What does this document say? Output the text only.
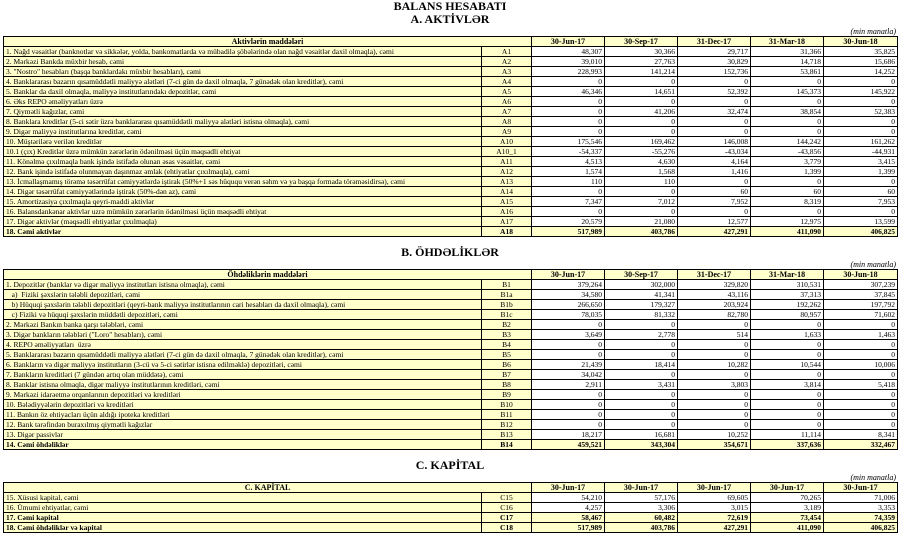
BALANS HESABATI
A. AKTİVLƏR
(min manatla)
Aktivlərin maddələri		30-Jun-17	30-Sep-17	31-Dec-17	31-Mar-18	30-Jun-18
1. Nağd vəsaitlər (banknotlar və sikkələr, yolda, bankomatlarda və mübadilə şöbələrində olan nağd vəsaitlər daxil olmaqla), cəmi	A1	48,307	30,366	29,717	31,366	35,825
2. Mərkəzi Bankda müxbir hesab, cəmi	A2	39,010	27,763	30,829	14,718	15,686
3. "Nostro" hesabları (başqa banklardakı müxbir hesabları), cəmi	A3	228,993	141,214	152,736	53,861	14,252
4. Banklararası bazarın qısamüddətli maliyyə alətləri (7-ci gün də daxil olmaqla, 7 günədək olan kreditlər), cəmi	A4	0	0	0	0	0
5. Banklar da daxil olmaqla, maliyyə institutlarındakı depozitlər, cəmi	A5	46,346	14,651	52,392	145,373	145,922
6. Əks REPO əməliyyatları üzrə	A6	0	0	0	0	0
7. Qiymətli kağızlar, cəmi	A7	0	41,206	32,474	38,854	52,383
8. Banklara kreditlər (5-ci sətir üzrə banklararası qısamüddətli maliyyə alətləri istisna olmaqla), cəmi	A8	0	0	0	0	0
9. Digər maliyyə institutlarına kreditlər, cəmi	A9	0	0	0	0	0
10. Müştərilərə verilən kreditlər	A10	175,546	169,462	146,008	144,242	161,262
10.1 (çıx) Kreditlər üzrə mümkün zərərlərin ödənilməsi üçün məqsədli ehtiyat	A10_1	-54,337	-55,276	-43,034	-43,856	-44,931
11. Könəlmə çıxılmaqla bank işində istifadə olunan əsas vəsaitlər, cəmi	A11	4,513	4,630	4,164	3,779	3,415
12. Bank işində istifadə olunmayan daşınmaz əmlak (ehtiyatlar çıxılmaqla), cəmi	A12	1,574	1,568	1,416	1,399	1,399
13. İcmallaşmamış törəmə təsərrüfat cəmiyyətlərdə iştirak (50%+1 səs hüququ verən səhm və ya başqa formada törəməsidirsə), cəmi	A13	110	110	0	0	0
14. Digər təsərrüfat cəmiyyətlərində iştirak (50%-dən az), cəmi	A14	0	0	60	60	60
15. Amortizasiya çıxılmaqla qeyri-maddi aktivlər	A15	7,347	7,012	7,952	8,319	7,953
16. Balansdankənar aktivlər uzrə mümkün zərərlərin ödənilməsi üçün məqsədli ehtiyat	A16	0	0	0	0	0
17. Digər aktivlər (məqsədli ehtiyatlar çıxılmaqla)	A17	20,579	21,080	12,577	12,975	13,599
18. Cəmi aktivlər	A18	517,989	403,786	427,291	411,090	406,825
B. ÖHDƏLİKLƏR
(min manatla)
Öhdəliklərin maddələri		30-Jun-17	30-Sep-17	31-Dec-17	31-Mar-18	30-Jun-18
1. Depozitlər (banklar və digər maliyyə institutları istisna olmaqla), cəmi	B1	379,264	302,000	329,820	310,531	307,239
a)  Fiziki şəxslərin tələbli depozitləri, cəmi	B1a	34,580	41,341	43,116	37,313	37,845
b) Hüquqi şəxslərin tələbli depozitləri (qeyri-bank maliyyə institutlarının cari hesabları da daxil olmaqla), cəmi	B1b	266,650	179,327	203,924	192,262	197,792
c) Fiziki və hüquqi şəxslərin müddətli depozitləri, cəmi	B1c	78,035	81,332	82,780	80,957	71,602
2. Mərkəzi Bankın banka qarşı tələbləri, cəmi	B2	0	0	0	0	0
3. Digər bankların tələbləri ("Loro" hesabları), cəmi	B3	3,649	2,778	514	1,633	1,463
4. REPO əməliyyatları  üzrə	B4	0	0	0	0	0
5. Banklararası bazarın qısamüddətli maliyyə alətləri (7-ci gün də daxil olmaqla, 7 günədək olan kreditlər), cəmi	B5	0	0	0	0	0
6. Bankların və digər maliyyə institutların (3-cü və 5-ci sətirlər istisna edilməklə) depozitləri, cəmi	B6	21,439	18,414	10,282	10,544	10,006
7. Bankların kreditləri (7 gündən artıq olan müddətə), cəmi	B7	34,042	0	0	0	0
8. Banklar istisna olmaqla, digər maliyyə institutlarının kreditləri, cəmi	B8	2,911	3,431	3,803	3,814	5,418
9. Mərkəzi idarəetmə orqanlarının depozitləri və kreditləri	B9	0	0	0	0	0
10. Bələdiyyələrin depozitləri və kreditləri	B10	0	0	0	0	0
11. Bankın öz ehtiyacları üçün aldığı ipoteka kreditləri	B11	0	0	0	0	0
12. Bank tərəfindən buraxılmış qiymətli kağızlar	B12	0	0	0	0	0
13. Digər passivlər	B13	18,217	16,681	10,252	11,114	8,341
14. Cəmi öhdəliklər	B14	459,521	343,304	354,671	337,636	332,467
C. KAPİTAL
(min manatla)
C. KAPİTAL		30-Jun-17	30-Jun-17	30-Jun-17	30-Jun-17	30-Jun-17
15. Xüsusi kapital, cəmi	C15	54,210	57,176	69,605	70,265	71,006
16. Ümumi ehtiyatlar, cəmi	C16	4,257	3,306	3,015	3,189	3,353
17. Cəmi kapital	C17	58,467	60,482	72,619	73,454	74,359
18. Cəmi öhdəliklər və kapital	C18	517,989	403,786	427,291	411,090	406,825
